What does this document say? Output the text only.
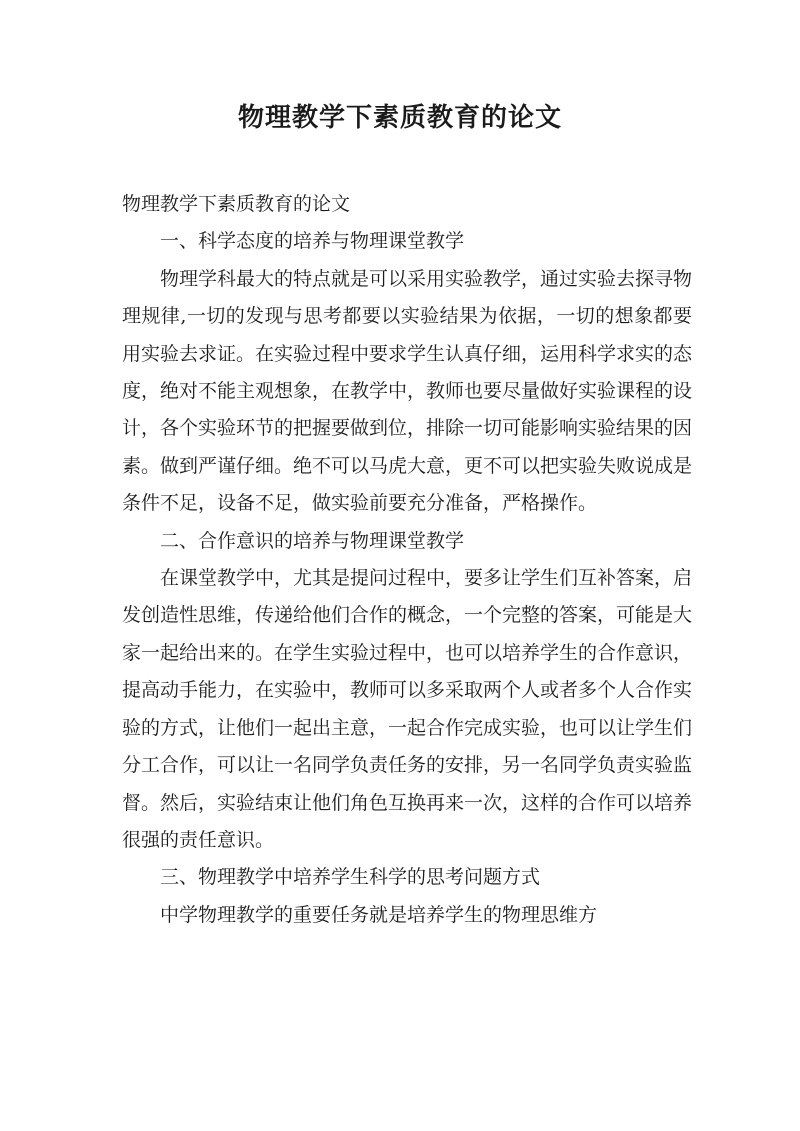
物理教学下素质教育的论文

物理教学下素质教育的论文

一、科学态度的培养与物理课堂教学

物理学科最大的特点就是可以采用实验教学，通过实验去探寻物理规律,一切的发现与思考都要以实验结果为依据，一切的想象都要用实验去求证。在实验过程中要求学生认真仔细，运用科学求实的态度，绝对不能主观想象，在教学中，教师也要尽量做好实验课程的设计，各个实验环节的把握要做到位，排除一切可能影响实验结果的因素。做到严谨仔细。绝不可以马虎大意，更不可以把实验失败说成是条件不足，设备不足，做实验前要充分准备，严格操作。

二、合作意识的培养与物理课堂教学

在课堂教学中，尤其是提问过程中，要多让学生们互补答案，启发创造性思维，传递给他们合作的概念，一个完整的答案，可能是大家一起给出来的。在学生实验过程中，也可以培养学生的合作意识，提高动手能力，在实验中，教师可以多采取两个人或者多个人合作实验的方式，让他们一起出主意，一起合作完成实验，也可以让学生们分工合作，可以让一名同学负责任务的安排，另一名同学负责实验监督。然后，实验结束让他们角色互换再来一次，这样的合作可以培养很强的责任意识。

三、物理教学中培养学生科学的思考问题方式

中学物理教学的重要任务就是培养学生的物理思维方
